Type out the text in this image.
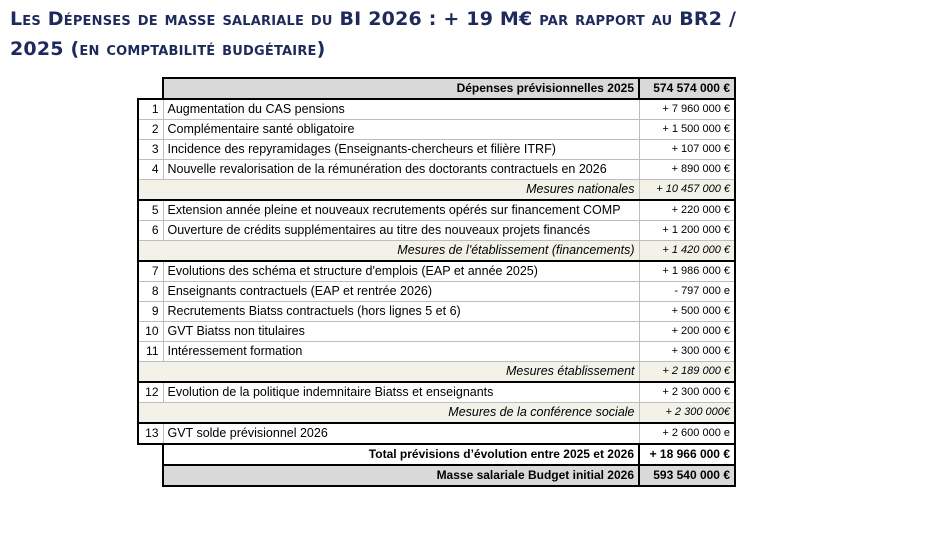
Les Dépenses de masse salariale du BI 2026 : + 19 M€ par rapport au BR2 /
2025 (en comptabilité budgétaire)
	Dépenses prévisionnelles 2025	574 574 000 €
1	Augmentation du CAS pensions	+ 7 960 000 €
2	Complémentaire santé obligatoire	+ 1 500 000 €
3	Incidence des repyramidages (Enseignants-chercheurs et filière ITRF)	+ 107 000 €
4	Nouvelle revalorisation de la rémunération des doctorants contractuels en 2026	+ 890 000 €
	Mesures nationales	+ 10 457 000 €
5	Extension année pleine et nouveaux recrutements opérés sur financement COMP	+ 220 000 €
6	Ouverture de crédits supplémentaires au titre des nouveaux projets financés	+ 1 200 000 €
	Mesures de l'établissement (financements)	+ 1 420 000 €
7	Evolutions des schéma et structure d'emplois (EAP et année 2025)	+ 1 986 000 €
8	Enseignants contractuels (EAP et rentrée 2026)	- 797 000 e
9	Recrutements Biatss contractuels (hors lignes 5 et 6)	+ 500 000 €
10	GVT Biatss non titulaires	+ 200 000 €
11	Intéressement formation	+ 300 000 €
	Mesures établissement	+ 2 189 000 €
12	Evolution de la politique indemnitaire Biatss et enseignants	+ 2 300 000 €
	Mesures de la conférence sociale	+ 2 300 000€
13	GVT solde prévisionnel 2026	+ 2 600 000 e
	Total prévisions d’évolution entre 2025 et 2026	+ 18 966 000 €
	Masse salariale Budget initial 2026	593 540 000 €
